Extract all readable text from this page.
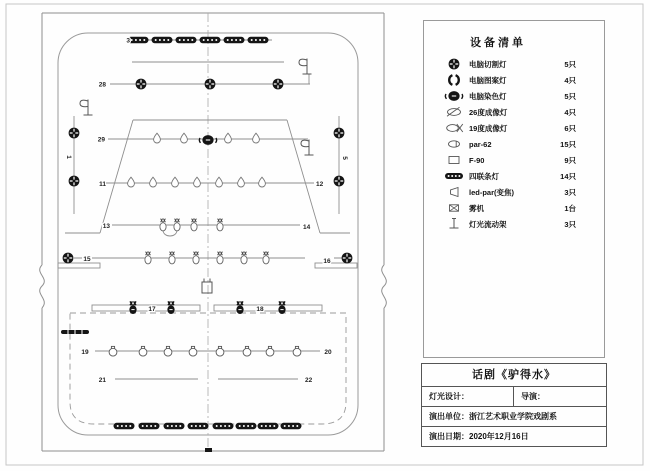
3
28
1	5
29
11	12
13	14
15	16
17	18
19	20
21	22
设备清单
电脑切割灯	5只
电脑图案灯	4只
电脑染色灯	5只
26度成像灯	4只
19度成像灯	6只
par-62	15只
F-90	9只
四联条灯	14只
led-par(变焦)	3只
雾机	1台
灯光流动架	3只
话剧《驴得水》
灯光设计：	导演：
演出单位：浙江艺术职业学院戏剧系
演出日期：2020年12月16日
